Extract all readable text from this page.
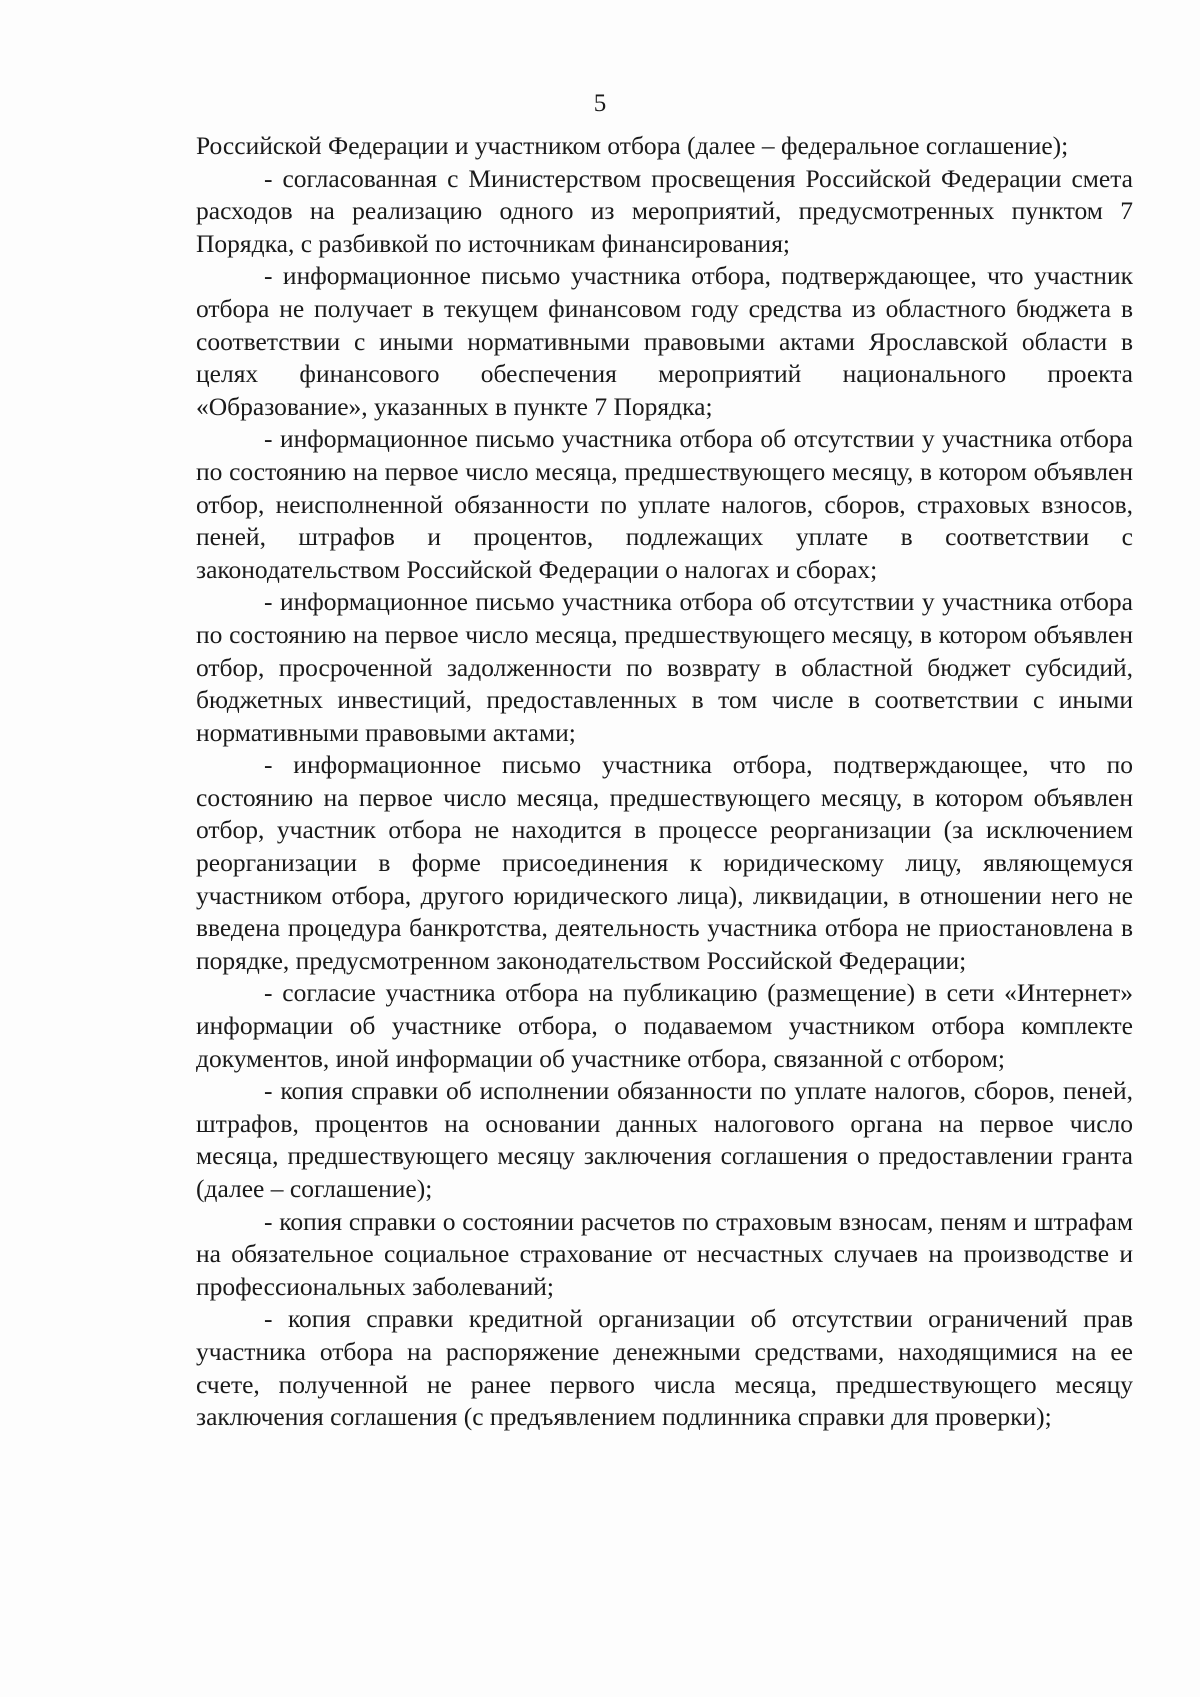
5

Российской Федерации и участником отбора (далее – федеральное соглашение);

- согласованная с Министерством просвещения Российской Федерации смета расходов на реализацию одного из мероприятий, предусмотренных пунктом 7 Порядка, с разбивкой по источникам финансирования;

- информационное письмо участника отбора, подтверждающее, что участник отбора не получает в текущем финансовом году средства из областного бюджета в соответствии с иными нормативными правовыми актами Ярославской области в целях финансового обеспечения мероприятий национального проекта «Образование», указанных в пункте 7 Порядка;

- информационное письмо участника отбора об отсутствии у участника отбора по состоянию на первое число месяца, предшествующего месяцу, в котором объявлен отбор, неисполненной обязанности по уплате налогов, сборов, страховых взносов, пеней, штрафов и процентов, подлежащих уплате в соответствии с законодательством Российской Федерации о налогах и сборах;

- информационное письмо участника отбора об отсутствии у участника отбора по состоянию на первое число месяца, предшествующего месяцу, в котором объявлен отбор, просроченной задолженности по возврату в областной бюджет субсидий, бюджетных инвестиций, предоставленных в том числе в соответствии с иными нормативными правовыми актами;

- информационное письмо участника отбора, подтверждающее, что по состоянию на первое число месяца, предшествующего месяцу, в котором объявлен отбор, участник отбора не находится в процессе реорганизации (за исключением реорганизации в форме присоединения к юридическому лицу, являющемуся участником отбора, другого юридического лица), ликвидации, в отношении него не введена процедура банкротства, деятельность участника отбора не приостановлена в порядке, предусмотренном законодательством Российской Федерации;

- согласие участника отбора на публикацию (размещение) в сети «Интернет» информации об участнике отбора, о подаваемом участником отбора комплекте документов, иной информации об участнике отбора, связанной с отбором;

- копия справки об исполнении обязанности по уплате налогов, сборов, пеней, штрафов, процентов на основании данных налогового органа на первое число месяца, предшествующего месяцу заключения соглашения о предоставлении гранта (далее – соглашение);

- копия справки о состоянии расчетов по страховым взносам, пеням и штрафам на обязательное социальное страхование от несчастных случаев на производстве и профессиональных заболеваний;

- копия справки кредитной организации об отсутствии ограничений прав участника отбора на распоряжение денежными средствами, находящимися на ее счете, полученной не ранее первого числа месяца, предшествующего месяцу заключения соглашения (с предъявлением подлинника справки для проверки);
